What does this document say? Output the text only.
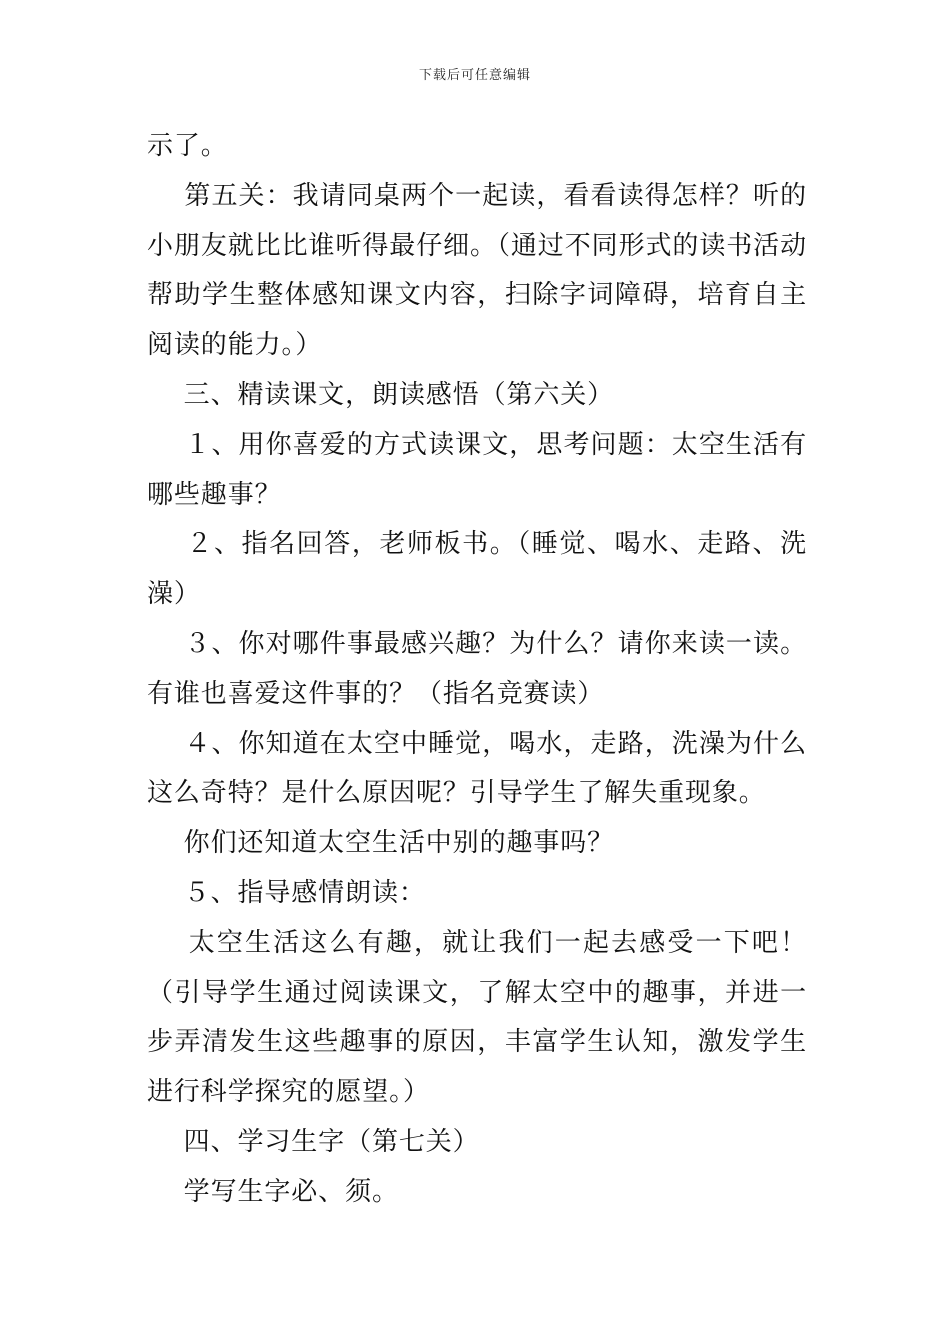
下载后可任意编辑

示了。

第五关：我请同桌两个一起读，看看读得怎样？听的小朋友就比比谁听得最仔细。（通过不同形式的读书活动帮助学生整体感知课文内容，扫除字词障碍，培育自主阅读的能力。）

三、精读课文，朗读感悟（第六关）

１、用你喜爱的方式读课文，思考问题：太空生活有哪些趣事？

２、指名回答，老师板书。（睡觉、喝水、走路、洗澡）

３、你对哪件事最感兴趣？为什么？请你来读一读。有谁也喜爱这件事的？（指名竞赛读）

４、你知道在太空中睡觉，喝水，走路，洗澡为什么这么奇特？是什么原因呢？引导学生了解失重现象。

你们还知道太空生活中别的趣事吗？

５、指导感情朗读：

太空生活这么有趣，就让我们一起去感受一下吧！（引导学生通过阅读课文，了解太空中的趣事，并进一步弄清发生这些趣事的原因，丰富学生认知，激发学生进行科学探究的愿望。）

四、学习生字（第七关）

学写生字必、须。
